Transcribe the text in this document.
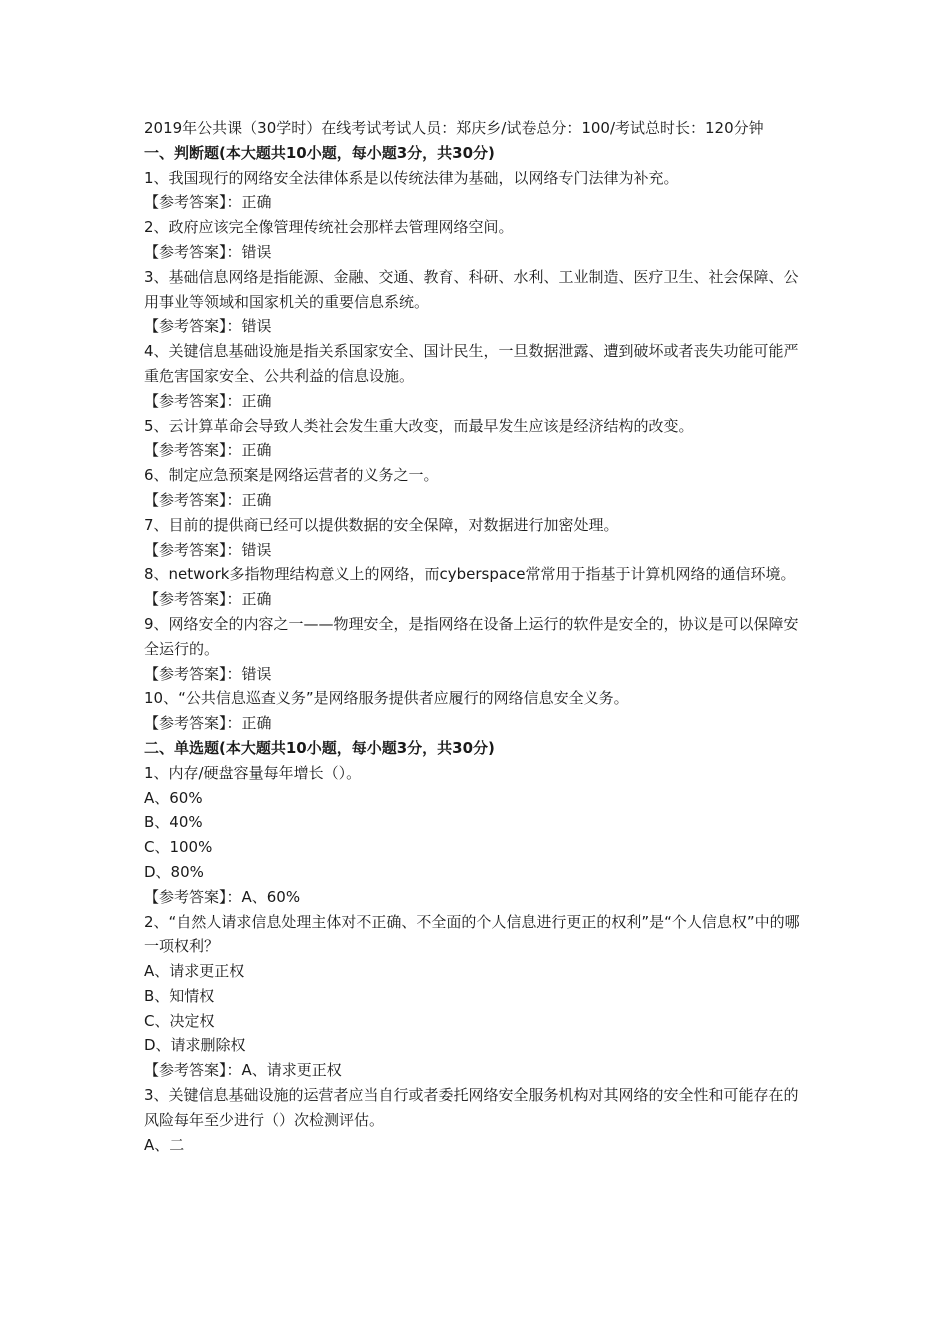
2019年公共课（30学时）在线考试考试人员：郑庆乡/试卷总分：100/考试总时长：120分钟
一、判断题(本大题共10小题，每小题3分，共30分)
1、我国现行的网络安全法律体系是以传统法律为基础，以网络专门法律为补充。
【参考答案】：正确
2、政府应该完全像管理传统社会那样去管理网络空间。
【参考答案】：错误
3、基础信息网络是指能源、金融、交通、教育、科研、水利、工业制造、医疗卫生、社会保障、公用事业等领域和国家机关的重要信息系统。
【参考答案】：错误
4、关键信息基础设施是指关系国家安全、国计民生，一旦数据泄露、遭到破坏或者丧失功能可能严重危害国家安全、公共利益的信息设施。
【参考答案】：正确
5、云计算革命会导致人类社会发生重大改变，而最早发生应该是经济结构的改变。
【参考答案】：正确
6、制定应急预案是网络运营者的义务之一。
【参考答案】：正确
7、目前的提供商已经可以提供数据的安全保障，对数据进行加密处理。
【参考答案】：错误
8、network多指物理结构意义上的网络，而cyberspace常常用于指基于计算机网络的通信环境。
【参考答案】：正确
9、网络安全的内容之一——物理安全，是指网络在设备上运行的软件是安全的，协议是可以保障安全运行的。
【参考答案】：错误
10、“公共信息巡查义务”是网络服务提供者应履行的网络信息安全义务。
【参考答案】：正确
二、单选题(本大题共10小题，每小题3分，共30分)
1、内存/硬盘容量每年增长（）。
A、60%
B、40%
C、100%
D、80%
【参考答案】：A、60%
2、“自然人请求信息处理主体对不正确、不全面的个人信息进行更正的权利”是“个人信息权”中的哪一项权利？
A、请求更正权
B、知情权
C、决定权
D、请求删除权
【参考答案】：A、请求更正权
3、关键信息基础设施的运营者应当自行或者委托网络安全服务机构对其网络的安全性和可能存在的风险每年至少进行（）次检测评估。
A、二
